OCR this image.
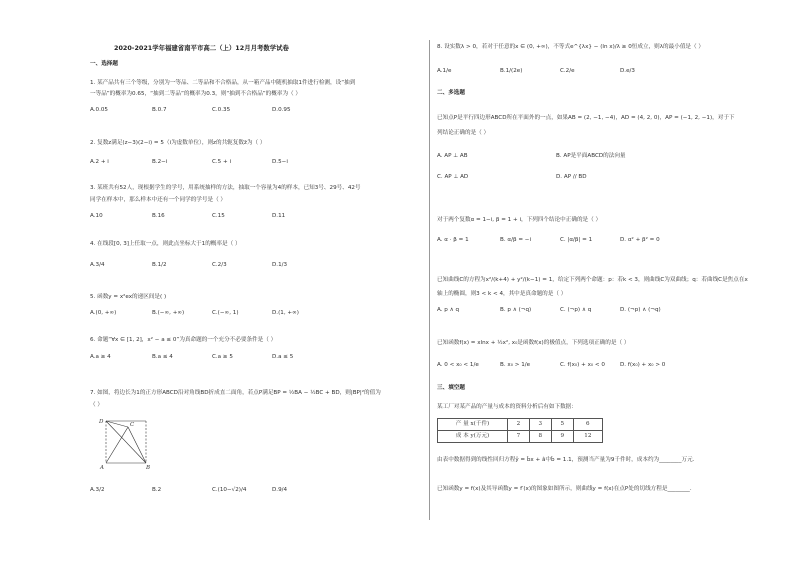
2020-2021学年福建省南平市高二（上）12月月考数学试卷
一、选择题
1. 某产品共有三个等级，分别为一等品、二等品和不合格品，从一箱产品中随机抽取1件进行检测，设“抽到
一等品”的概率为0.65，“抽到二等品”的概率为0.3，则“抽到不合格品”的概率为（ ）
A.0.05	B.0.7	C.0.35	D.0.95
2. 复数z满足(z−3)(2−i) = 5（i为虚数单位），则z的共轭复数z̄为（ ）
A.2 + i	B.2−i	C.5 + i	D.5−i
3. 某班共有52人，现根据学生的学号，用系统抽样的方法，抽取一个容量为4的样本，已知3号、29号、42号
同学在样本中，那么样本中还有一个同学的学号是（ ）
A.10	B.16	C.15	D.11
4. 在线段[0, 3]上任取一点，则此点坐标大于1的概率是（ ）
A.3/4	B.1/2	C.2/3	D.1/3
5. 函数y = x²ex的递区间是( )
A.(0, +∞)	B.(−∞, +∞)	C.(−∞, 1)	D.(1, +∞)
6. 命题“∀x ∈ [1, 2]，x² − a ≤ 0”为真命题的一个充分不必要条件是（ ）
A.a ≥ 4	B.a ≤ 4	C.a ≥ 5	D.a ≤ 5
7. 如图，将边长为1的正方形ABCD沿对角线BD折成直二面角，若点P满足BP = ½BA − ½BC + BD，则|BP|²的值为
（ ）
D	C
A	B
A.3/2	B.2	C.(10−√2)/4	D.9/4
8. 设实数λ > 0，若对于任意的x ∈ (0, +∞)，不等式e^{λx} − (ln x)/λ ≥ 0恒成立，则λ的最小值是（ ）
A.1/e	B.1/(2e)	C.2/e	D.e/3
二、多选题
已知点P是平行四边形ABCD所在平面外的一点，如果AB = (2, −1, −4)，AD = (4, 2, 0)，AP = (−1, 2, −1)，对于下
列结论正确的是（ ）
A. AP ⊥ AB	B. AP是平面ABCD的法向量
C. AP ⊥ AD	D. AP // BD
对于两个复数α = 1−i, β = 1 + i，下列四个结论中正确的是（ ）
A. α · β = 1	B. α/β = −i	C. |α/β| = 1	D. α² + β² = 0
已知曲线C的方程为x²/(k+4) + y²/(k−1) = 1，给定下列两个命题：p：若k < 3，则曲线C为双曲线；q：若曲线C是焦点在x
轴上的椭圆，则3 < k < 4，其中是真命题的是（ ）
A. p ∧ q	B. p ∧ (¬q)	C. (¬p) ∧ q	D. (¬p) ∧ (¬q)
已知函数f(x) = xlnx + ½x², x₀是函数f(x)的极值点，下列选项正确的是（ ）
A. 0 < x₀ < 1/e	B. x₀ > 1/e	C. f(x₀) + x₀ < 0	D. f(x₀) + x₀ > 0
三、填空题
某工厂对某产品的产量与成本的资料分析后有如下数据：
产 量 x(千件)	2	3	5	6
成 本 y(万元)	7	8	9	12
由表中数据得到的线性回归方程ŷ = b̂x + â中b̂ = 1.1，预测当产量为9千件时，成本约为________万元.
已知函数y = f(x)及其导函数y = f′(x)的图象如图所示，则曲线y = f(x)在点P处的切线方程是________.
